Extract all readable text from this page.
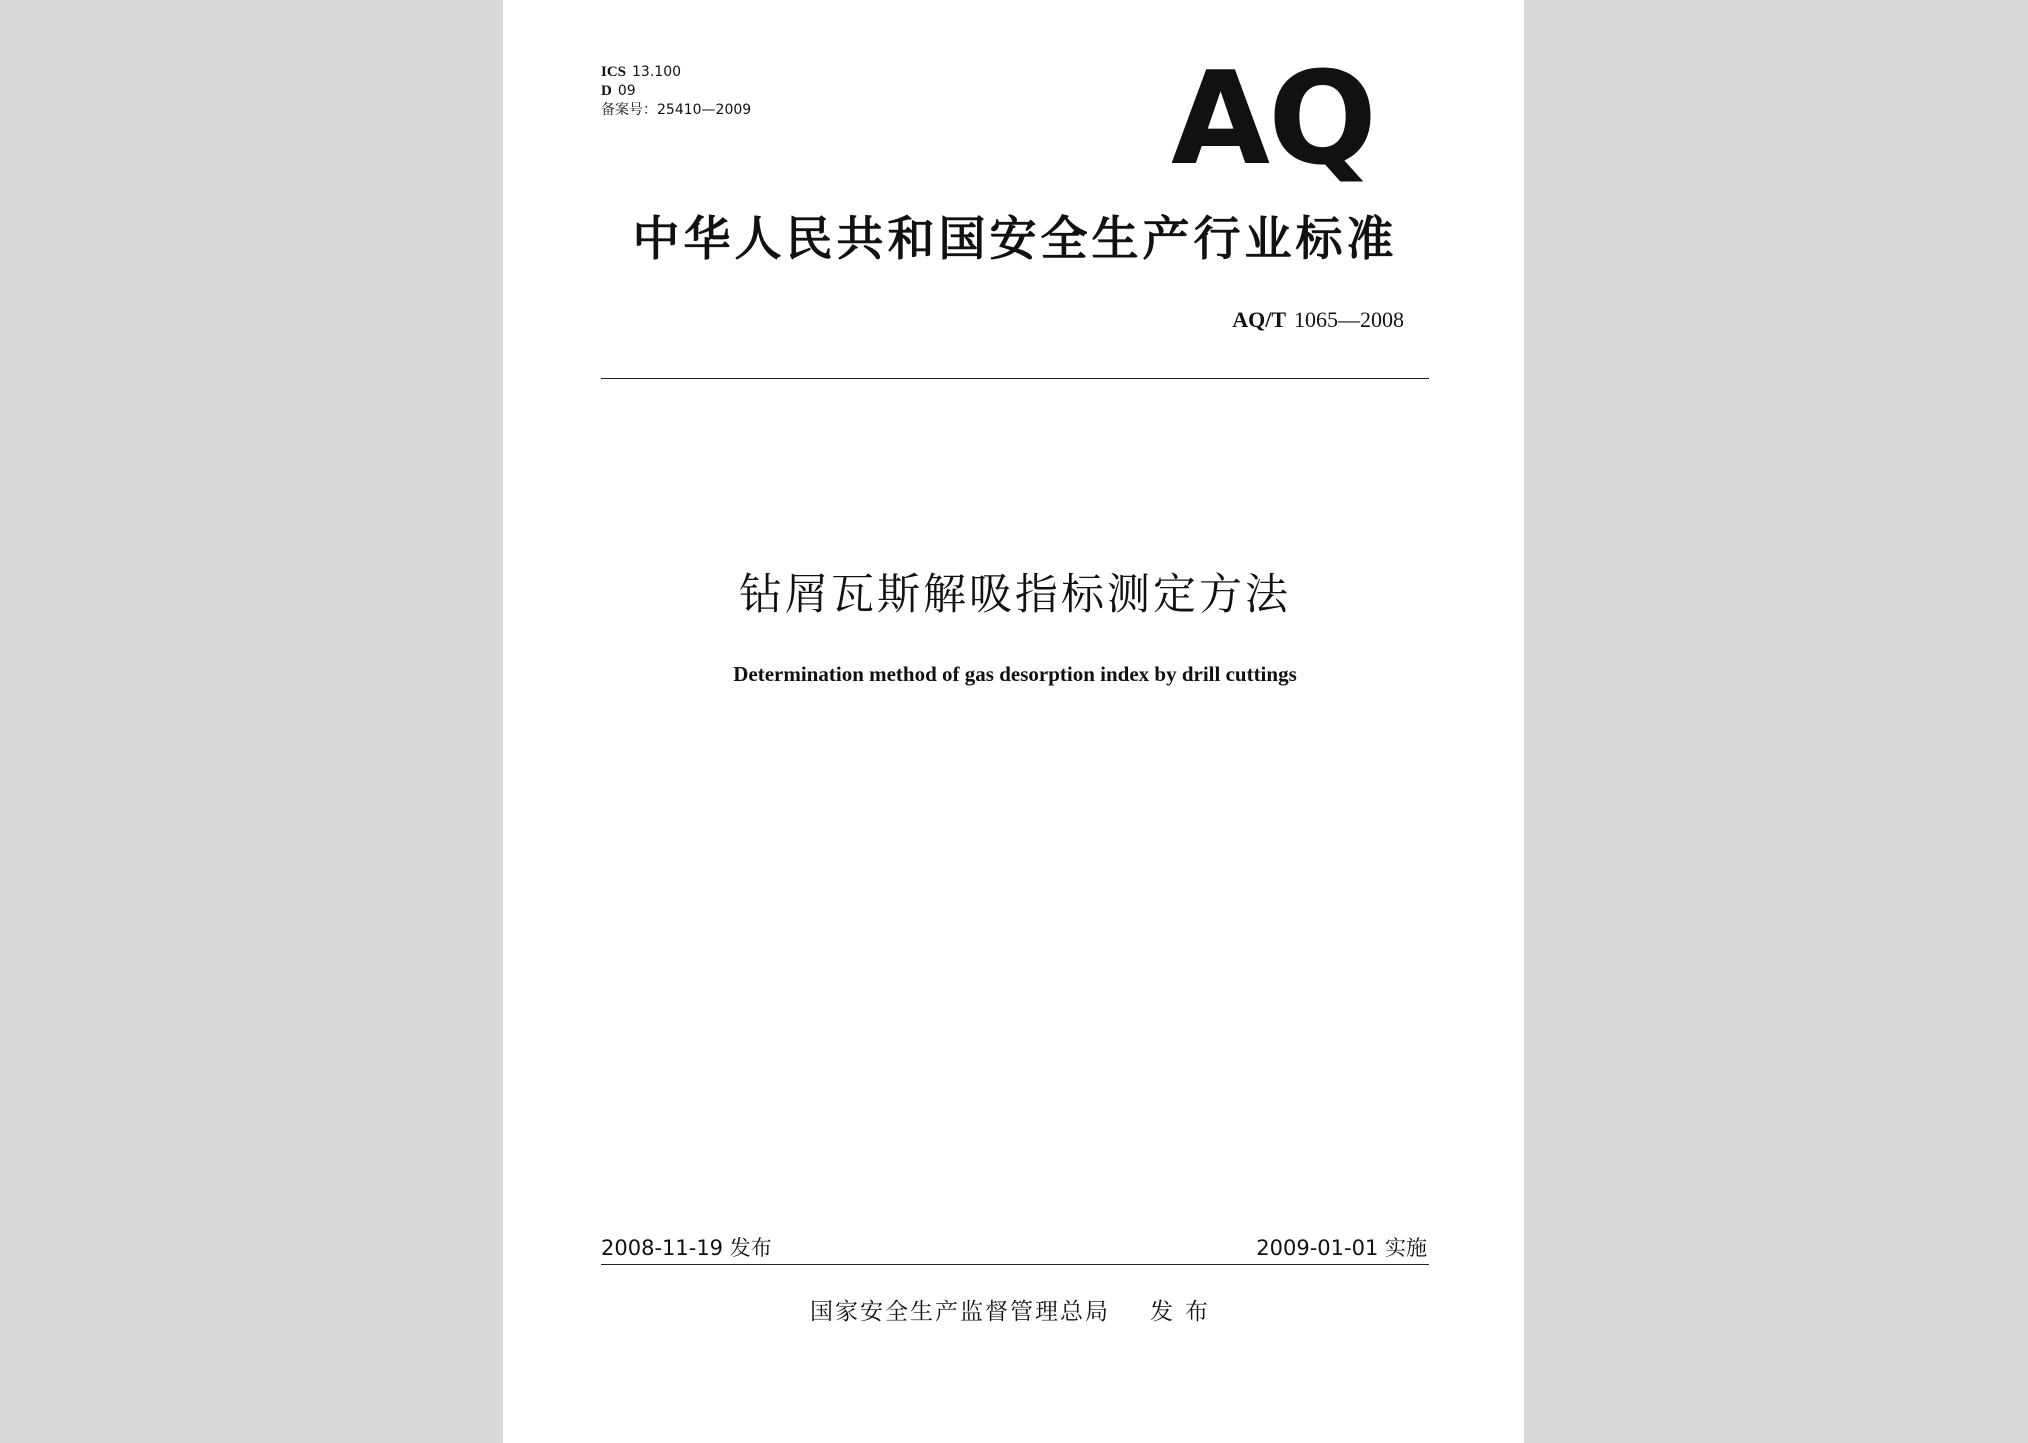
ICS 13.100
D 09
备案号：25410—2009	AQ
中华人民共和国安全生产行业标准
AQ/T 1065—2008
钻屑瓦斯解吸指标测定方法
Determination method of gas desorption index by drill cuttings
2008-11-19 发布	2009-01-01 实施
国家安全生产监督管理总局 发布
